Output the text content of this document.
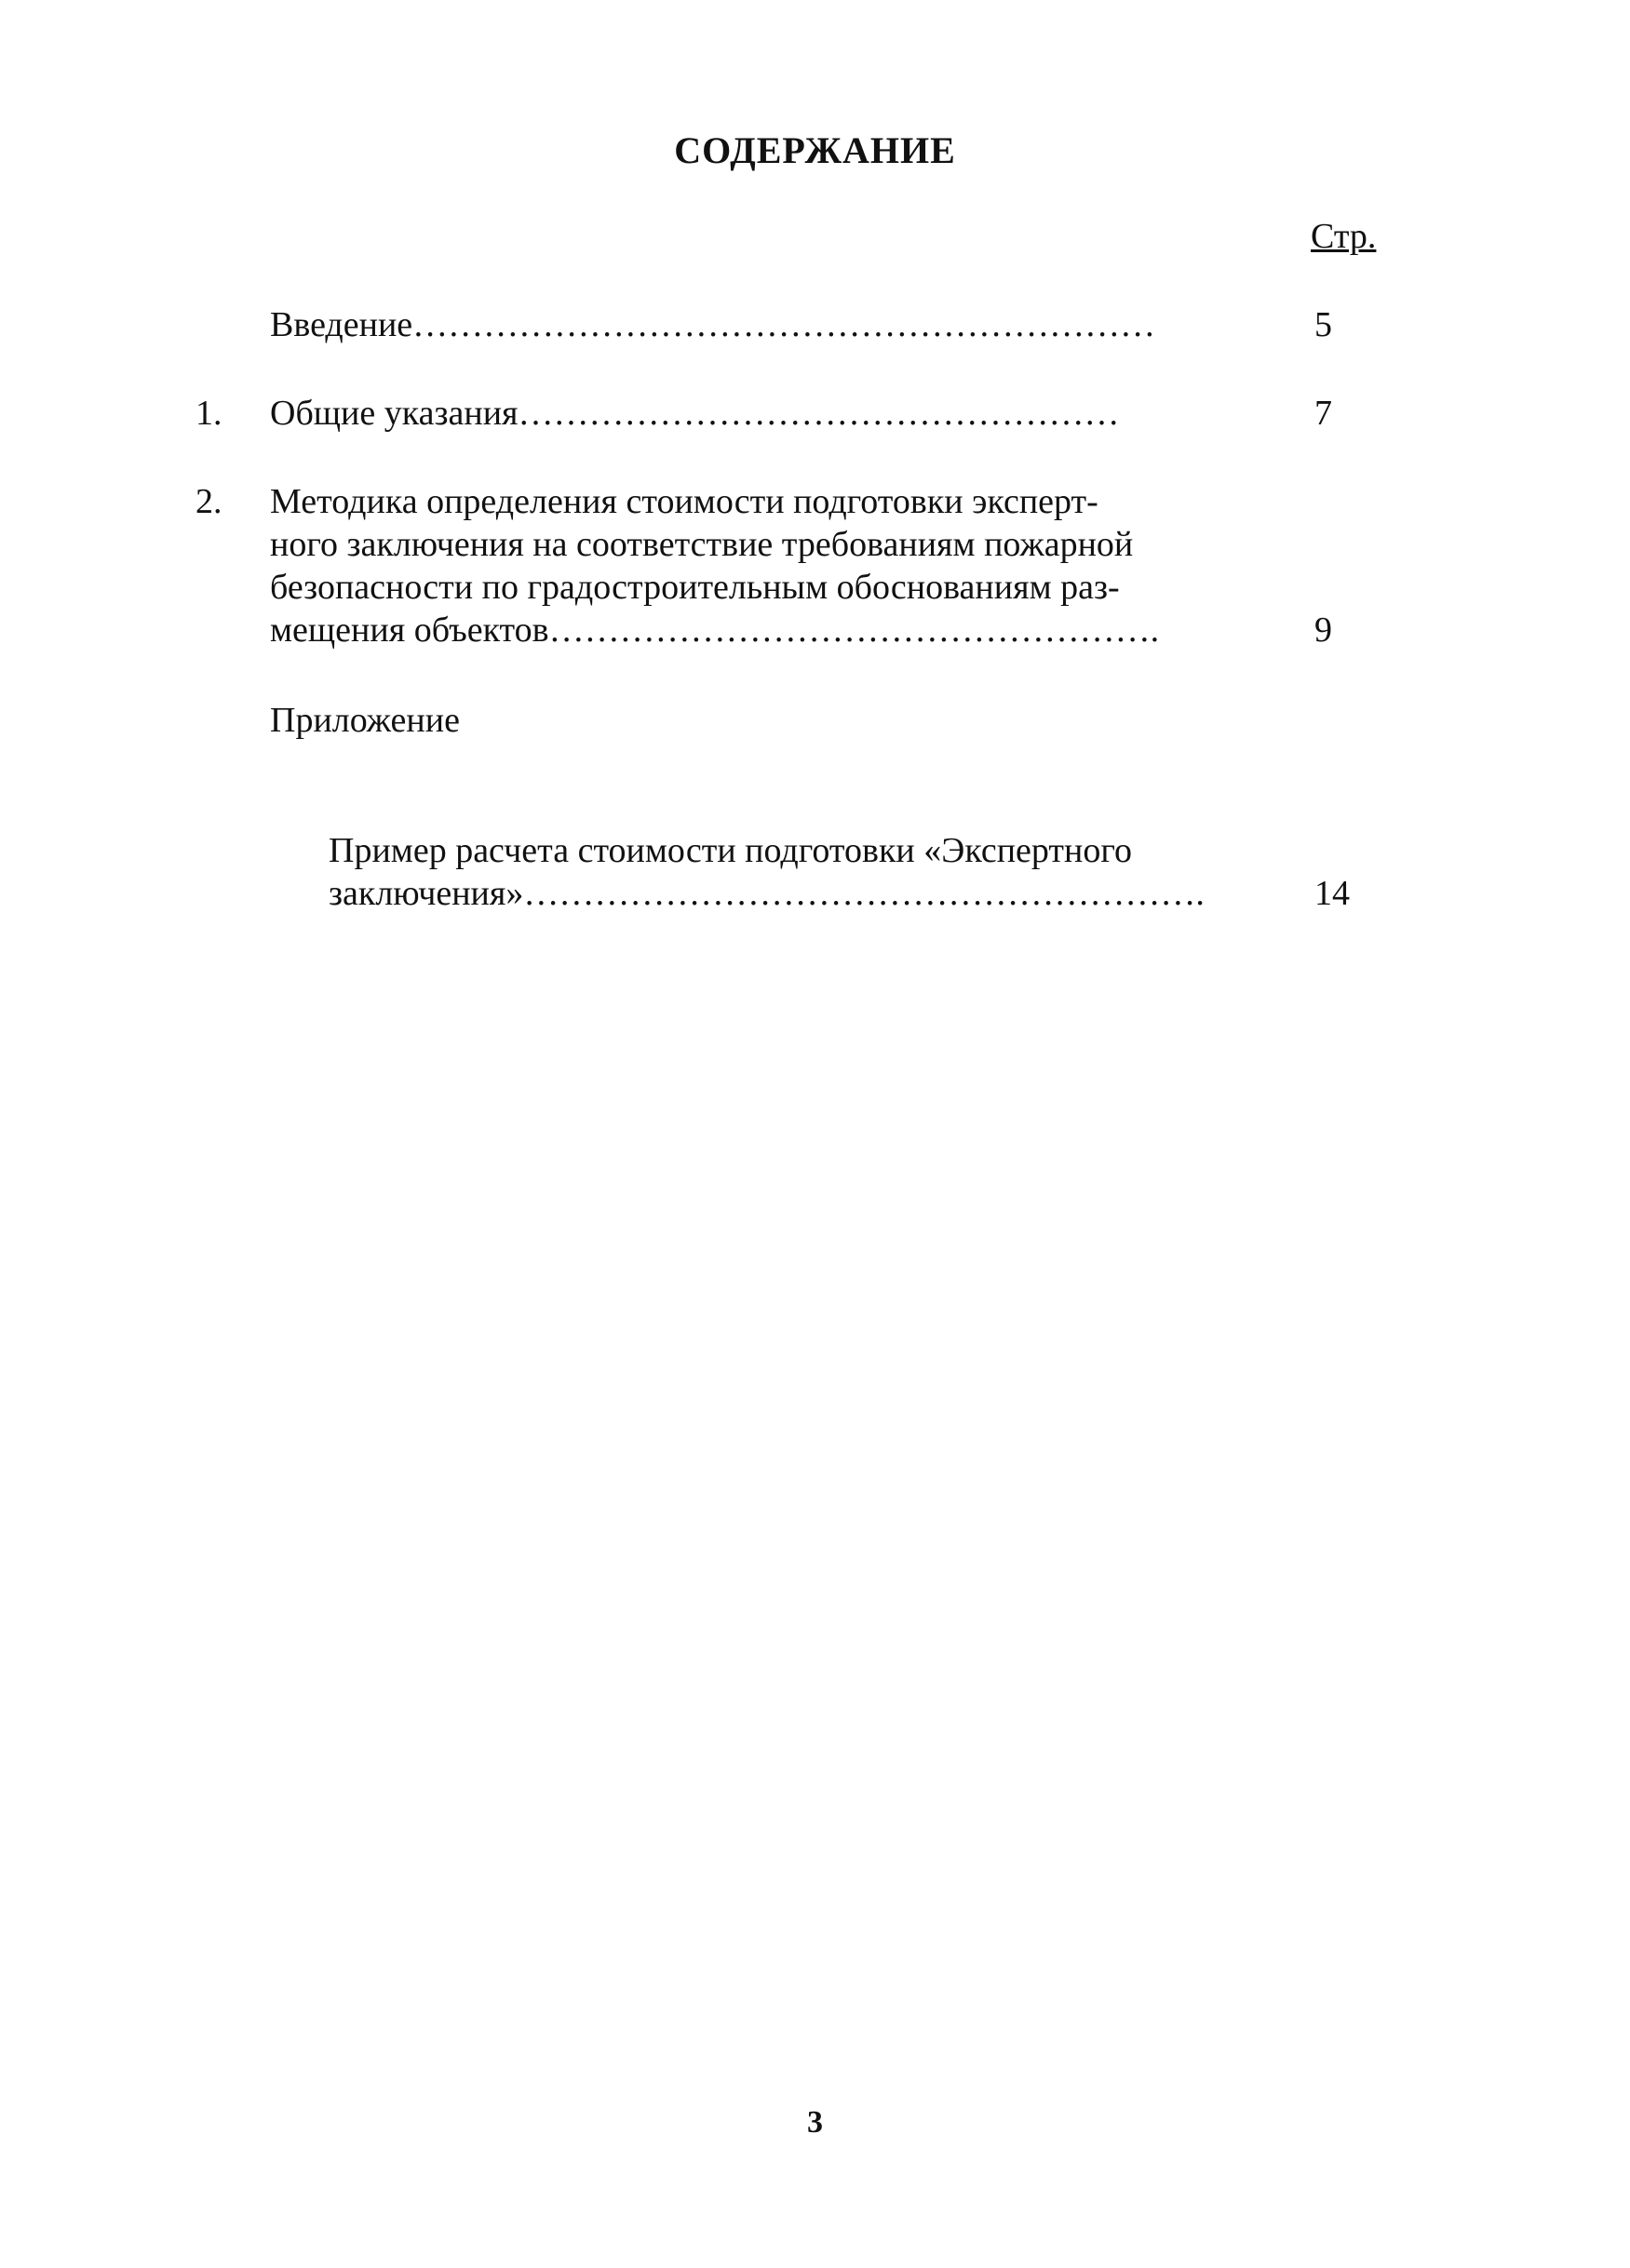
СОДЕРЖАНИЕ
Стр.
Введение………………………………………………………	5
1. Общие указания……………………………………………	7
2. Методика определения стоимости подготовки эксперт-
ного заключения на соответствие требованиям пожарной
безопасности по градостроительным обоснованиям раз-
мещения объектов…………………………………………….	9
Приложение
Пример расчета стоимости подготовки «Экспертного
заключения»………………………………………………….	14
3
